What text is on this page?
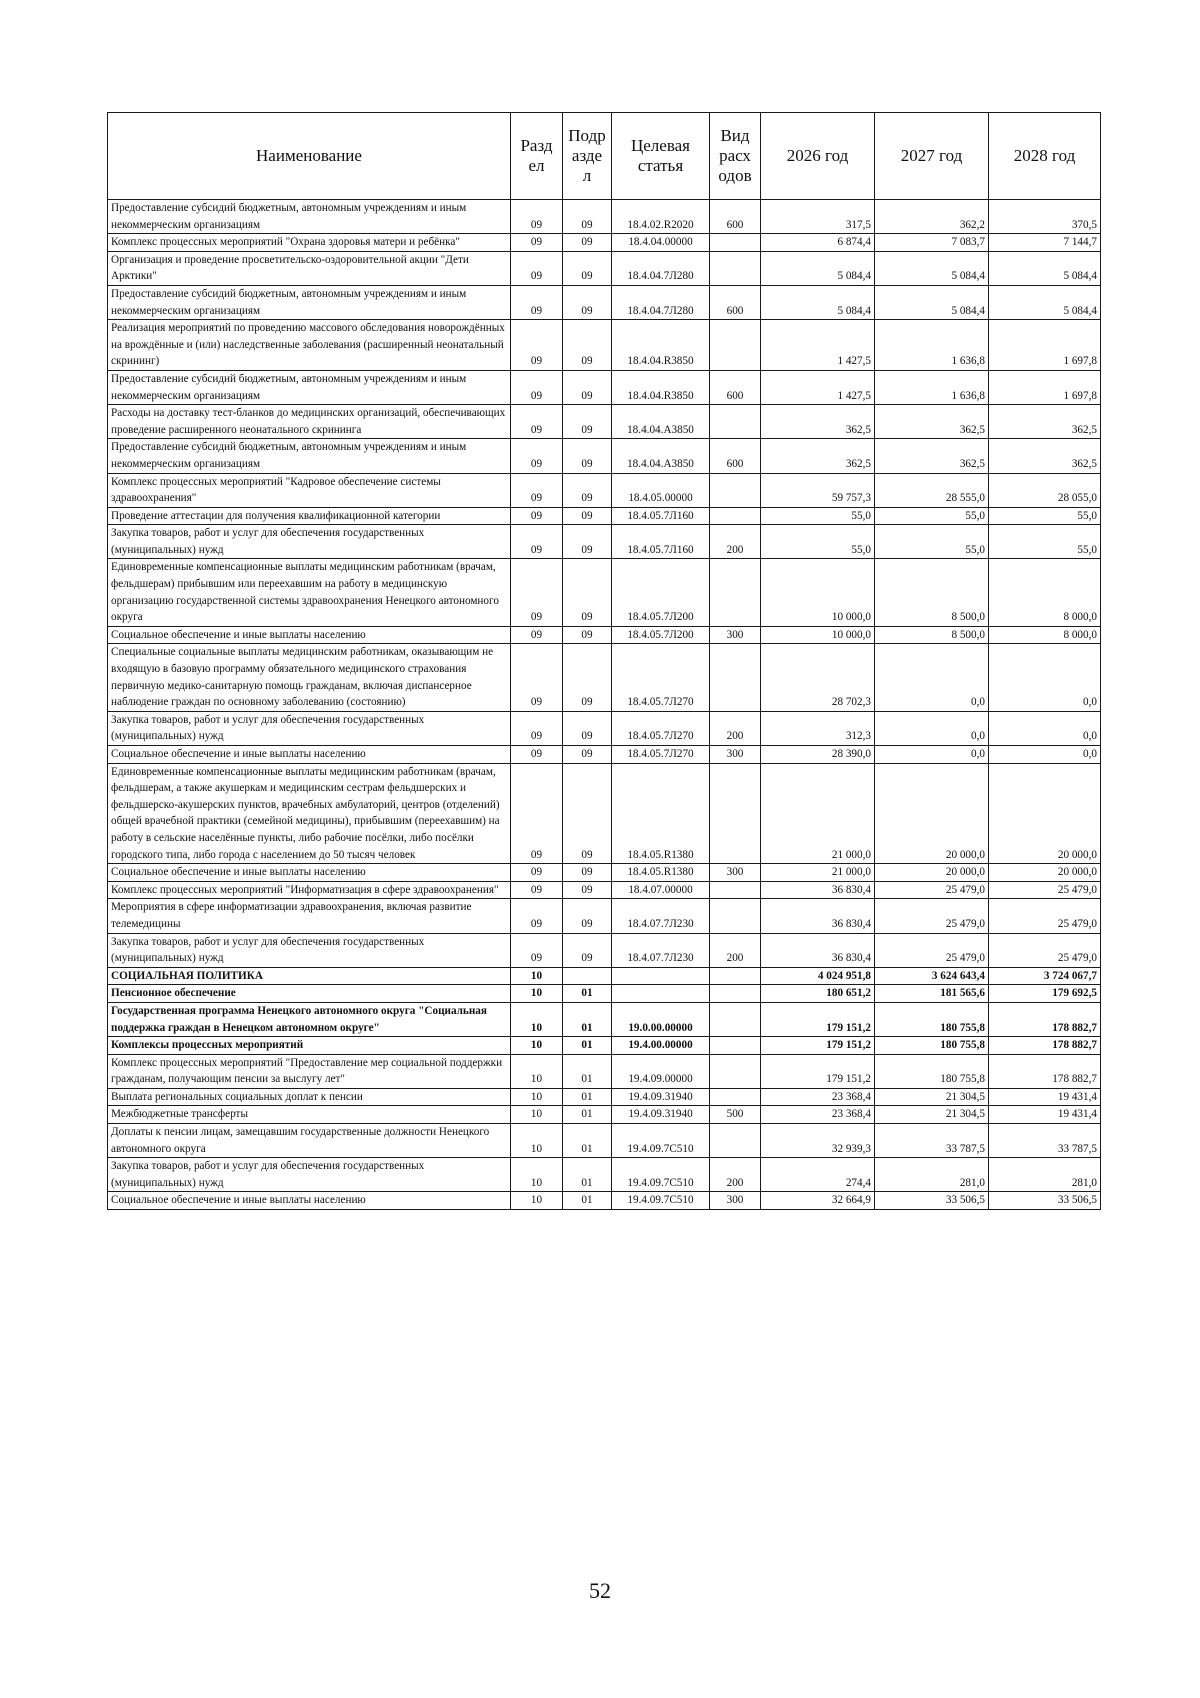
Наименование	Разд ел	Подр азде л	Целевая статья	Вид расх одов	2026 год	2027 год	2028 год
Предоставление субсидий бюджетным, автономным учреждениям и иным некоммерческим организациям	09	09	18.4.02.R2020	600	317,5	362,2	370,5
Комплекс процессных мероприятий "Охрана здоровья матери и ребёнка"	09	09	18.4.04.00000		6 874,4	7 083,7	7 144,7
Организация и проведение просветительско-оздоровительной акции "Дети Арктики"	09	09	18.4.04.7Л280		5 084,4	5 084,4	5 084,4
Предоставление субсидий бюджетным, автономным учреждениям и иным некоммерческим организациям	09	09	18.4.04.7Л280	600	5 084,4	5 084,4	5 084,4
Реализация мероприятий по проведению массового обследования новорождённых на врождённые и (или) наследственные заболевания (расширенный неонатальный скрининг)	09	09	18.4.04.R3850		1 427,5	1 636,8	1 697,8
Предоставление субсидий бюджетным, автономным учреждениям и иным некоммерческим организациям	09	09	18.4.04.R3850	600	1 427,5	1 636,8	1 697,8
Расходы на доставку тест-бланков до медицинских организаций, обеспечивающих проведение расширенного неонатального скрининга	09	09	18.4.04.A3850		362,5	362,5	362,5
Предоставление субсидий бюджетным, автономным учреждениям и иным некоммерческим организациям	09	09	18.4.04.A3850	600	362,5	362,5	362,5
Комплекс процессных мероприятий "Кадровое обеспечение системы здравоохранения"	09	09	18.4.05.00000		59 757,3	28 555,0	28 055,0
Проведение аттестации для получения квалификационной категории	09	09	18.4.05.7Л160		55,0	55,0	55,0
Закупка товаров, работ и услуг для обеспечения государственных (муниципальных) нужд	09	09	18.4.05.7Л160	200	55,0	55,0	55,0
Единовременные компенсационные выплаты медицинским работникам (врачам, фельдшерам) прибывшим или переехавшим на работу в медицинскую организацию государственной системы здравоохранения Ненецкого автономного округа	09	09	18.4.05.7Л200		10 000,0	8 500,0	8 000,0
Социальное обеспечение и иные выплаты населению	09	09	18.4.05.7Л200	300	10 000,0	8 500,0	8 000,0
Специальные социальные выплаты медицинским работникам, оказывающим не входящую в базовую программу обязательного медицинского страхования первичную медико-санитарную помощь гражданам, включая диспансерное наблюдение граждан по основному заболеванию (состоянию)	09	09	18.4.05.7Л270		28 702,3	0,0	0,0
Закупка товаров, работ и услуг для обеспечения государственных (муниципальных) нужд	09	09	18.4.05.7Л270	200	312,3	0,0	0,0
Социальное обеспечение и иные выплаты населению	09	09	18.4.05.7Л270	300	28 390,0	0,0	0,0
Единовременные компенсационные выплаты медицинским работникам (врачам, фельдшерам, а также акушеркам и медицинским сестрам фельдшерских и фельдшерско-акушерских пунктов, врачебных амбулаторий, центров (отделений) общей врачебной практики (семейной медицины), прибывшим (переехавшим) на работу в сельские населённые пункты, либо рабочие посёлки, либо посёлки городского типа, либо города с населением до 50 тысяч человек	09	09	18.4.05.R1380		21 000,0	20 000,0	20 000,0
Социальное обеспечение и иные выплаты населению	09	09	18.4.05.R1380	300	21 000,0	20 000,0	20 000,0
Комплекс процессных мероприятий "Информатизация в сфере здравоохранения"	09	09	18.4.07.00000		36 830,4	25 479,0	25 479,0
Мероприятия в сфере информатизации здравоохранения, включая развитие телемедицины	09	09	18.4.07.7Л230		36 830,4	25 479,0	25 479,0
Закупка товаров, работ и услуг для обеспечения государственных (муниципальных) нужд	09	09	18.4.07.7Л230	200	36 830,4	25 479,0	25 479,0
СОЦИАЛЬНАЯ ПОЛИТИКА	10				4 024 951,8	3 624 643,4	3 724 067,7
Пенсионное обеспечение	10	01			180 651,2	181 565,6	179 692,5
Государственная программа Ненецкого автономного округа "Социальная поддержка граждан в Ненецком автономном округе"	10	01	19.0.00.00000		179 151,2	180 755,8	178 882,7
Комплексы процессных мероприятий	10	01	19.4.00.00000		179 151,2	180 755,8	178 882,7
Комплекс процессных мероприятий "Предоставление мер социальной поддержки гражданам, получающим пенсии за выслугу лет"	10	01	19.4.09.00000		179 151,2	180 755,8	178 882,7
Выплата региональных социальных доплат к пенсии	10	01	19.4.09.31940		23 368,4	21 304,5	19 431,4
Межбюджетные трансферты	10	01	19.4.09.31940	500	23 368,4	21 304,5	19 431,4
Доплаты к пенсии лицам, замещавшим государственные должности Ненецкого автономного округа	10	01	19.4.09.7С510		32 939,3	33 787,5	33 787,5
Закупка товаров, работ и услуг для обеспечения государственных (муниципальных) нужд	10	01	19.4.09.7С510	200	274,4	281,0	281,0
Социальное обеспечение и иные выплаты населению	10	01	19.4.09.7С510	300	32 664,9	33 506,5	33 506,5
52
